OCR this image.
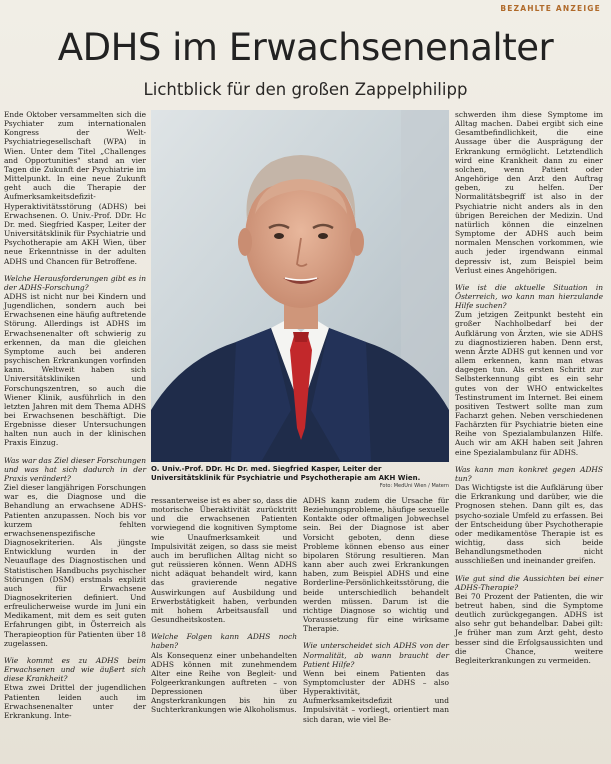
BEZAHLTE ANZEIGE
ADHS im Erwachsenenalter
Lichtblick für den großen Zappelphilipp

Ende Oktober versammelten sich die Psychiater zum internationalen Kongress der Welt-Psychiatriegesellschaft (WPA) in Wien. Unter dem Titel „Challenges and Opportunities" stand an vier Tagen die Zukunft der Psychiatrie im Mittelpunkt. In eine neue Zukunft geht auch die Therapie der Aufmerksamkeitsdefizit-Hyperaktivitätsstörung (ADHS) bei Erwachsenen. O. Univ.-Prof. DDr. Hc Dr. med. Siegfried Kasper, Leiter der Universitätsklinik für Psychiatrie und Psychotherapie am AKH Wien, über neue Erkenntnisse in der adulten ADHS und Chancen für Betroffene.

Welche Herausforderungen gibt es in der ADHS-Forschung?

ADHS ist nicht nur bei Kindern und Jugendlichen, sondern auch bei Erwachsenen eine häufig auftretende Störung. Allerdings ist ADHS im Erwachsenenalter oft schwierig zu erkennen, da man die gleichen Symptome auch bei anderen psychischen Erkrankungen vorfinden kann. Weltweit haben sich Universitätskliniken und Forschungszentren, so auch die Wiener Klinik, ausführlich in den letzten Jahren mit dem Thema ADHS bei Erwachsenen beschäftigt. Die Ergebnisse dieser Untersuchungen halten nun auch in der klinischen Praxis Einzug.

Was war das Ziel dieser Forschungen und was hat sich dadurch in der Praxis verändert?

Ziel dieser langjährigen Forschungen war es, die Diagnose und die Behandlung an erwachsene ADHS-Patienten anzupassen. Noch bis vor kurzem fehlten erwachsenenspezifische Diagnosekriterien. Als jüngste Entwicklung wurden in der Neuauflage des Diagnostischen und Statistischen Handbuchs psychischer Störungen (DSM) erstmals explizit auch für Erwachsene Diagnosekriterien definiert. Und erfreulicherweise wurde im Juni ein Medikament, mit dem es seit guten Erfahrungen gibt, in Österreich als Therapieoption für Patienten über 18 zugelassen.

Wie kommt es zu ADHS beim Erwachsenen und wie äußert sich diese Krankheit?

Etwa zwei Drittel der jugendlichen Patienten leiden auch im Erwachsenenalter unter der Erkrankung. Inte-

O. Univ.-Prof. DDr. Hc Dr. med. Siegfried Kasper, Leiter der Universitätsklinik für Psychiatrie und Psychotherapie am AKH Wien.
Foto: MedUni Wien / Matern

ressanterweise ist es aber so, dass die motorische Überaktivität zurücktritt und die erwachsenen Patienten vorwiegend die kognitiven Symptome wie Unaufmerksamkeit und Impulsivität zeigen, so dass sie meist auch im beruflichen Alltag nicht so gut reüssieren können. Wenn ADHS nicht adäquat behandelt wird, kann das gravierende negative Auswirkungen auf Ausbildung und Erwerbstätigkeit haben, verbunden mit hohem Arbeitsausfall und Gesundheitskosten.

Welche Folgen kann ADHS noch haben?

Als Konsequenz einer unbehandelten ADHS können mit zunehmendem Alter eine Reihe von Begleit- und Folgeerkrankungen auftreten – von Depressionen über Angsterkrankungen bis hin zu Suchterkrankungen wie Alkoholismus.

ADHS kann zudem die Ursache für Beziehungsprobleme, häufige sexuelle Kontakte oder oftmaligen Jobwechsel sein. Bei der Diagnose ist aber Vorsicht geboten, denn diese Probleme können ebenso aus einer bipolaren Störung resultieren. Man kann aber auch zwei Erkrankungen haben, zum Beispiel ADHS und eine Borderline-Persönlichkeitsstörung, die beide unterschiedlich behandelt werden müssen. Darum ist die richtige Diagnose so wichtig und Voraussetzung für eine wirksame Therapie.

Wie unterscheidet sich ADHS von der Normalität, ab wann braucht der Patient Hilfe?

Wenn bei einem Patienten das Symptomcluster der ADHS – also Hyperaktivität, Aufmerksamkeitsdefizit und Impulsivität – vorliegt, orientiert man sich daran, wie viel Be-

schwerden ihm diese Symptome im Alltag machen. Dabei ergibt sich eine Gesamtbefindlichkeit, die eine Aussage über die Ausprägung der Erkrankung ermöglicht. Letztendlich wird eine Krankheit dann zu einer solchen, wenn Patient oder Angehörige den Arzt den Auftrag geben, zu helfen. Der Normalitätsbegriff ist also in der Psychiatrie nicht anders als in den übrigen Bereichen der Medizin. Und natürlich können die einzelnen Symptome der ADHS auch beim normalen Menschen vorkommen, wie auch jeder irgendwann einmal depressiv ist, zum Beispiel beim Verlust eines Angehörigen.

Wie ist die aktuelle Situation in Österreich, wo kann man hierzulande Hilfe suchen?

Zum jetzigen Zeitpunkt besteht ein großer Nachholbedarf bei der Aufklärung von Ärzten, wie sie ADHS zu diagnostizieren haben. Denn erst, wenn Ärzte ADHS gut kennen und vor allem erkennen, kann man etwas dagegen tun. Als ersten Schritt zur Selbsterkennung gibt es ein sehr gutes von der WHO entwickeltes Testinstrument im Internet. Bei einem positiven Testwert sollte man zum Facharzt gehen. Neben verschiedenen Fachärzten für Psychiatrie bieten eine Reihe von Spezialambulanzen Hilfe. Auch wir am AKH haben seit Jahren eine Spezialambulanz für ADHS.

Was kann man konkret gegen ADHS tun?

Das Wichtigste ist die Aufklärung über die Erkrankung und darüber, wie die Prognosen stehen. Dann gilt es, das psycho-soziale Umfeld zu erfassen. Bei der Entscheidung über Psychotherapie oder medikamentöse Therapie ist es wichtig, dass sich beide Behandlungsmethoden nicht ausschließen und ineinander greifen.

Wie gut sind die Aussichten bei einer ADHS-Therapie?

Bei 70 Prozent der Patienten, die wir betreut haben, sind die Symptome deutlich zurückgegangen. ADHS ist also sehr gut behandelbar. Dabei gilt: Je früher man zum Arzt geht, desto besser sind die Erfolgsaussichten und die Chance, weitere Begleiterkrankungen zu vermeiden.
